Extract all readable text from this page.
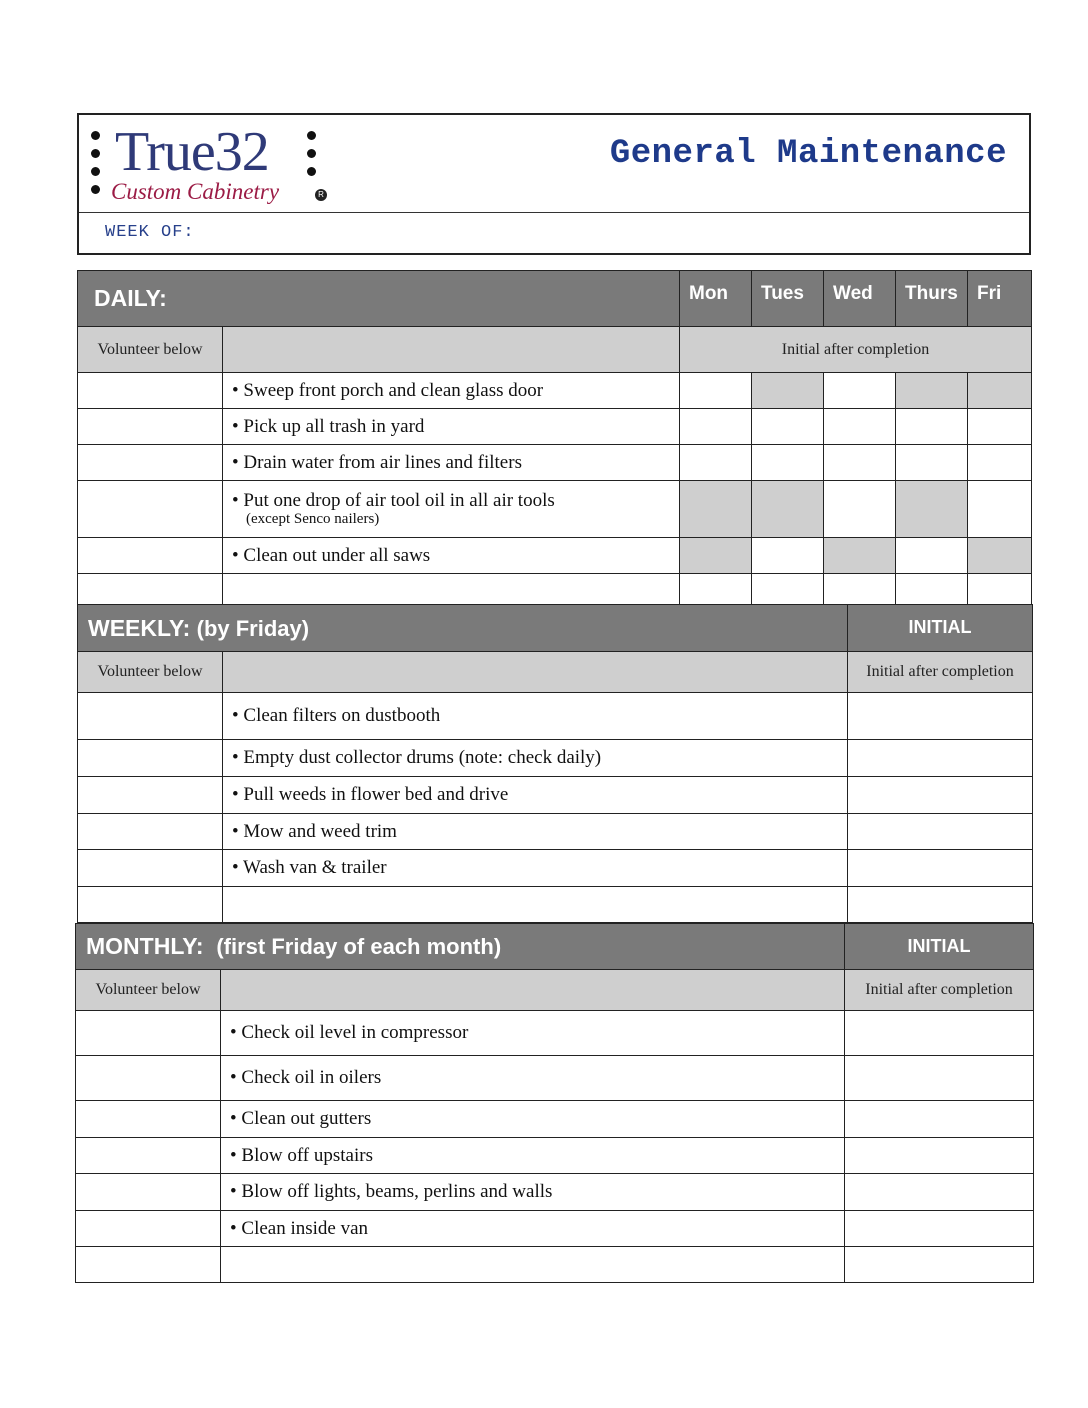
True32
Custom Cabinetry	R
General Maintenance
WEEK OF:
DAILY:		Mon	Tues	Wed	Thurs	Fri
Volunteer below		Initial after completion				
	• Sweep front porch and clean glass door					
	• Pick up all trash in yard					
	• Drain water from air lines and filters					
	• Put one drop of air tool oil in all air tools
(except Senco nailers)					

	• Clean out under all saws					

WEEKLY: (by Friday)		INITIAL
Volunteer below		Initial after completion
	• Clean filters on dustbooth	
	• Empty dust collector drums (note: check daily)	
	• Pull weeds in flower bed and drive	
	• Mow and weed trim	
	• Wash van & trailer	

MONTHLY: (first Friday of each month)		INITIAL
Volunteer below		Initial after completion
	• Check oil level in compressor	
	• Check oil in oilers	
	• Clean out gutters	
	• Blow off upstairs	
	• Blow off lights, beams, perlins and walls	
	• Clean inside van	
